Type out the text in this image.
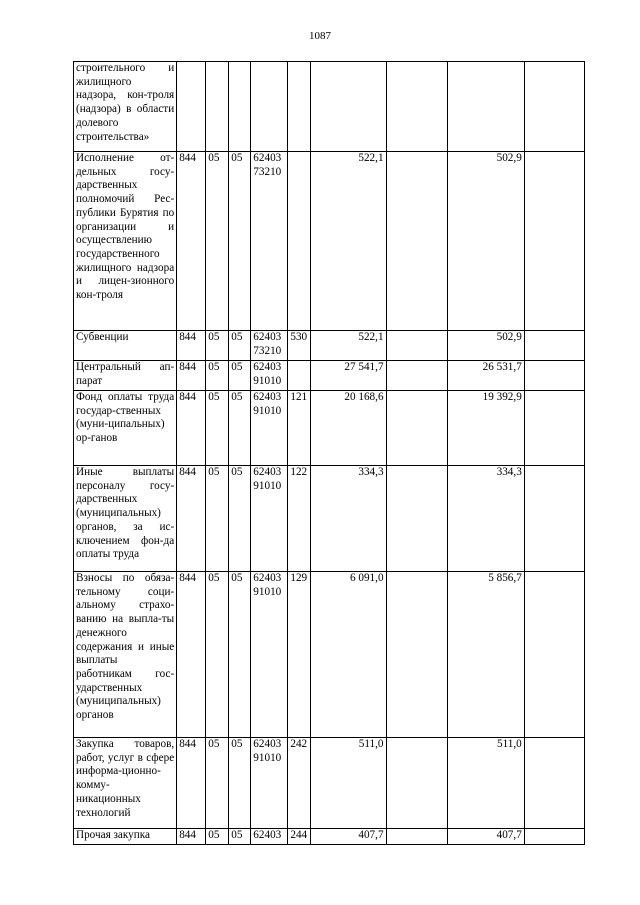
1087
строительного и жилищного надзора, кон-троля (надзора) в области долевого строительства»									
Исполнение от-дельных госу-дарственных полномочий Рес-публики Бурятия по организации и осуществлению государственного жилищного надзора и лицен-зионного кон-троля	844	05	05	62403 73210		522,1		502,9	
Субвенции	844	05	05	62403 73210	530	522,1		502,9	
Центральный ап-парат	844	05	05	62403 91010		27 541,7		26 531,7	
Фонд оплаты труда государ-ственных (муни-ципальных) ор-ганов	844	05	05	62403 91010	121	20 168,6		19 392,9	
Иные выплаты персоналу госу-дарственных (муниципальных) органов, за ис-ключением фон-да оплаты труда	844	05	05	62403 91010	122	334,3		334,3	
Взносы по обяза-тельному соци-альному страхо-ванию на выпла-ты денежного содержания и иные выплаты работникам гос-ударственных (муниципальных) органов	844	05	05	62403 91010	129	6 091,0		5 856,7	
Закупка товаров, работ, услуг в сфере информа-ционно-комму-никационных технологий	844	05	05	62403 91010	242	511,0		511,0	
Прочая закупка	844	05	05	62403	244	407,7		407,7	
